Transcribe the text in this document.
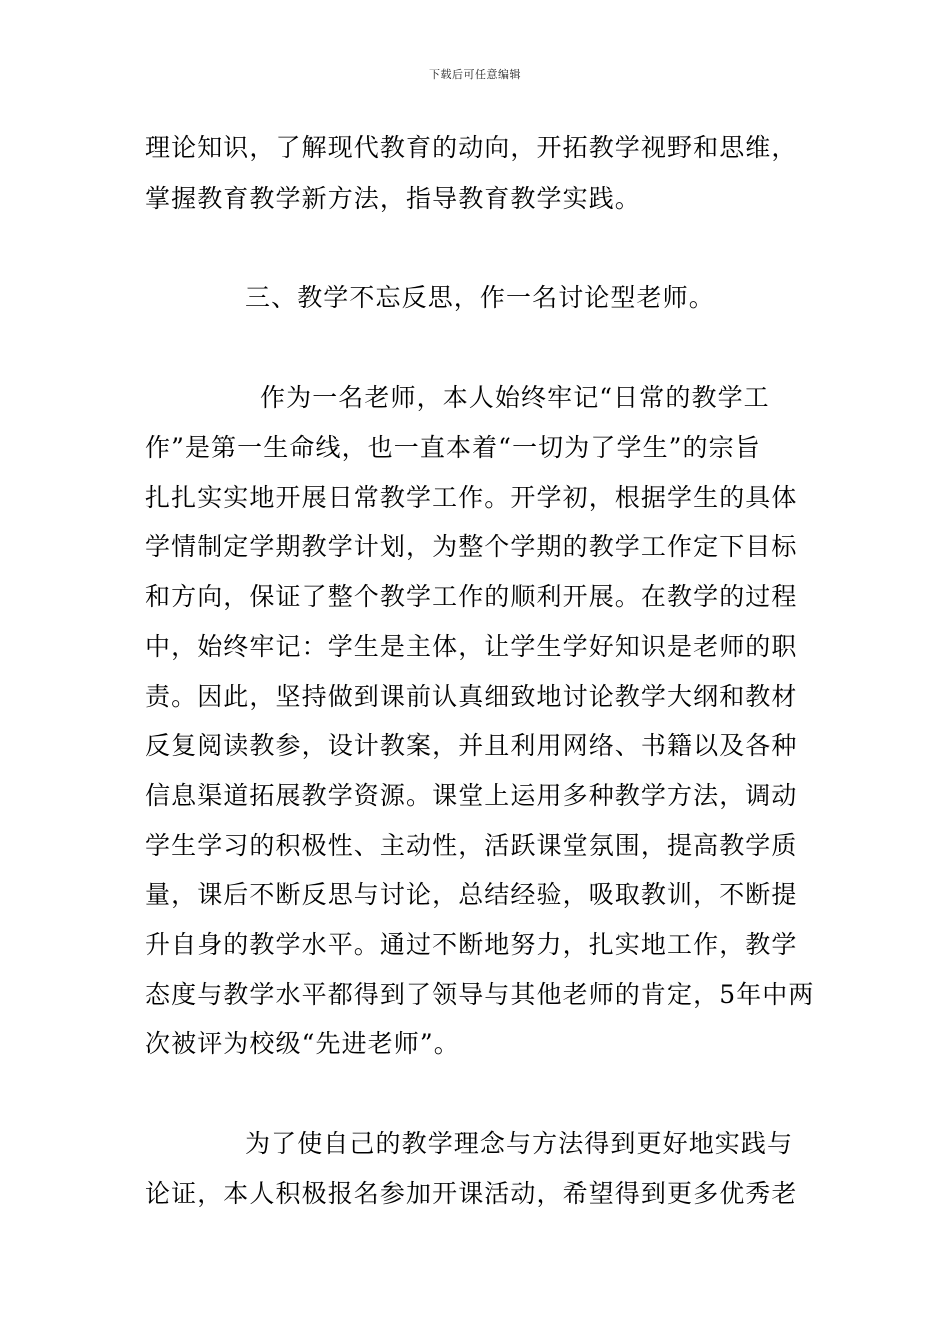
下载后可任意编辑
理论知识，了解现代教育的动向，开拓教学视野和思维，
掌握教育教学新方法，指导教育教学实践。
三、教学不忘反思，作一名讨论型老师。
作为一名老师，本人始终牢记“日常的教学工
作”是第一生命线，也一直本着“一切为了学生”的宗旨
扎扎实实地开展日常教学工作。开学初，根据学生的具体
学情制定学期教学计划，为整个学期的教学工作定下目标
和方向，保证了整个教学工作的顺利开展。在教学的过程
中，始终牢记：学生是主体，让学生学好知识是老师的职
责。因此，坚持做到课前认真细致地讨论教学大纲和教材
反复阅读教参，设计教案，并且利用网络、书籍以及各种
信息渠道拓展教学资源。课堂上运用多种教学方法，调动
学生学习的积极性、主动性，活跃课堂氛围，提高教学质
量，课后不断反思与讨论，总结经验，吸取教训，不断提
升自身的教学水平。通过不断地努力，扎实地工作，教学
态度与教学水平都得到了领导与其他老师的肯定，5年中两
次被评为校级“先进老师”。
为了使自己的教学理念与方法得到更好地实践与
论证，本人积极报名参加开课活动，希望得到更多优秀老
